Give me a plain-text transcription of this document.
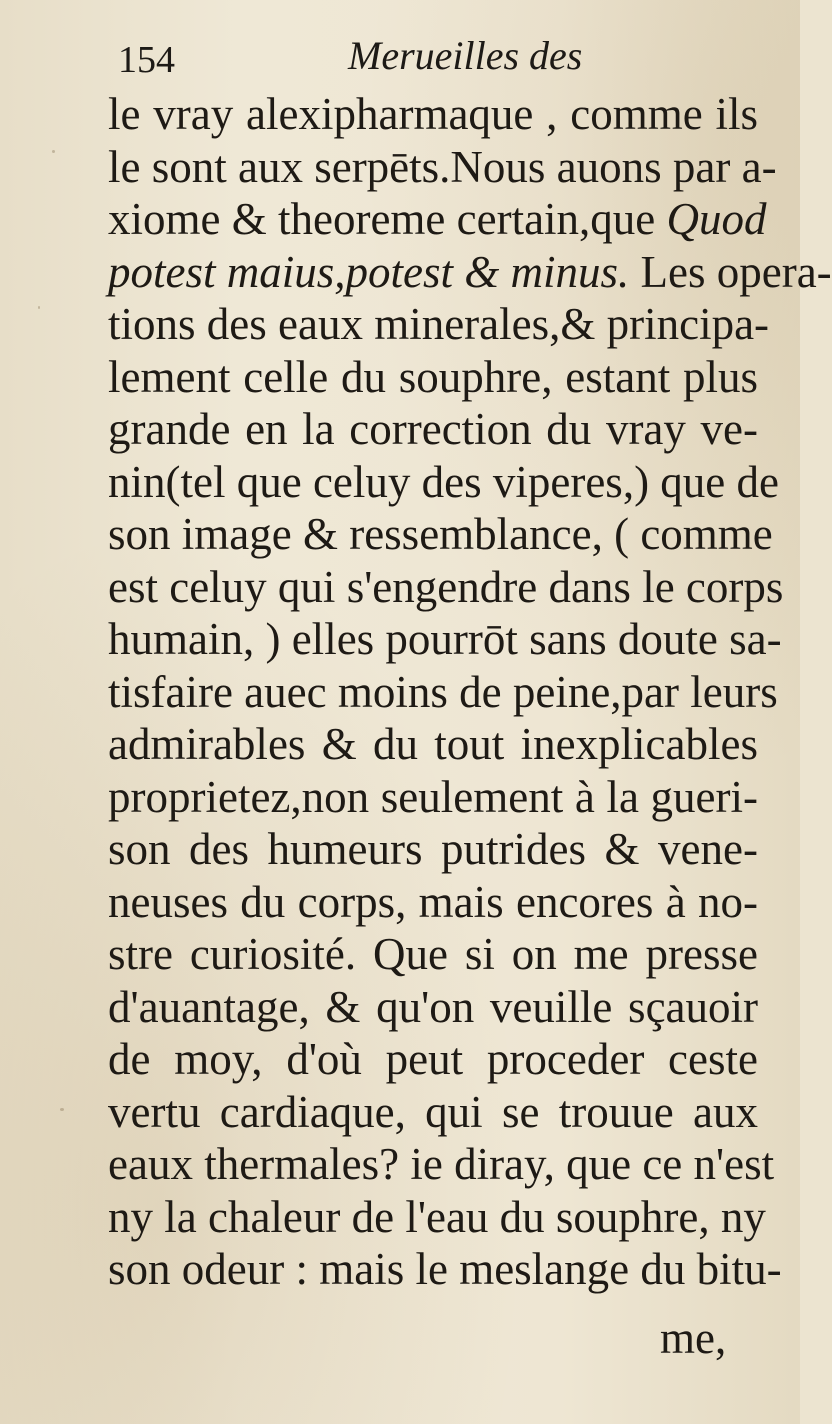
154	Merueilles des
le vray alexipharmaque , comme ils
le sont aux serpēts.Nous auons par a-
xiome & theoreme certain,que Quod
potest maius,potest & minus. Les opera-
tions des eaux minerales,& principa-
lement celle du souphre, estant plus
grande en la correction du vray ve-
nin(tel que celuy des viperes,) que de
son image & ressemblance, ( comme
est celuy qui s'engendre dans le corps
humain, ) elles pourrōt sans doute sa-
tisfaire auec moins de peine,par leurs
admirables & du tout inexplicables
proprietez,non seulement à la gueri-
son des humeurs putrides & vene-
neuses du corps, mais encores à no-
stre curiosité. Que si on me presse
d'auantage, & qu'on veuille sçauoir
de moy, d'où peut proceder ceste
vertu cardiaque, qui se trouue aux
eaux thermales? ie diray, que ce n'est
ny la chaleur de l'eau du souphre, ny
son odeur : mais le meslange du bitu-
me,
